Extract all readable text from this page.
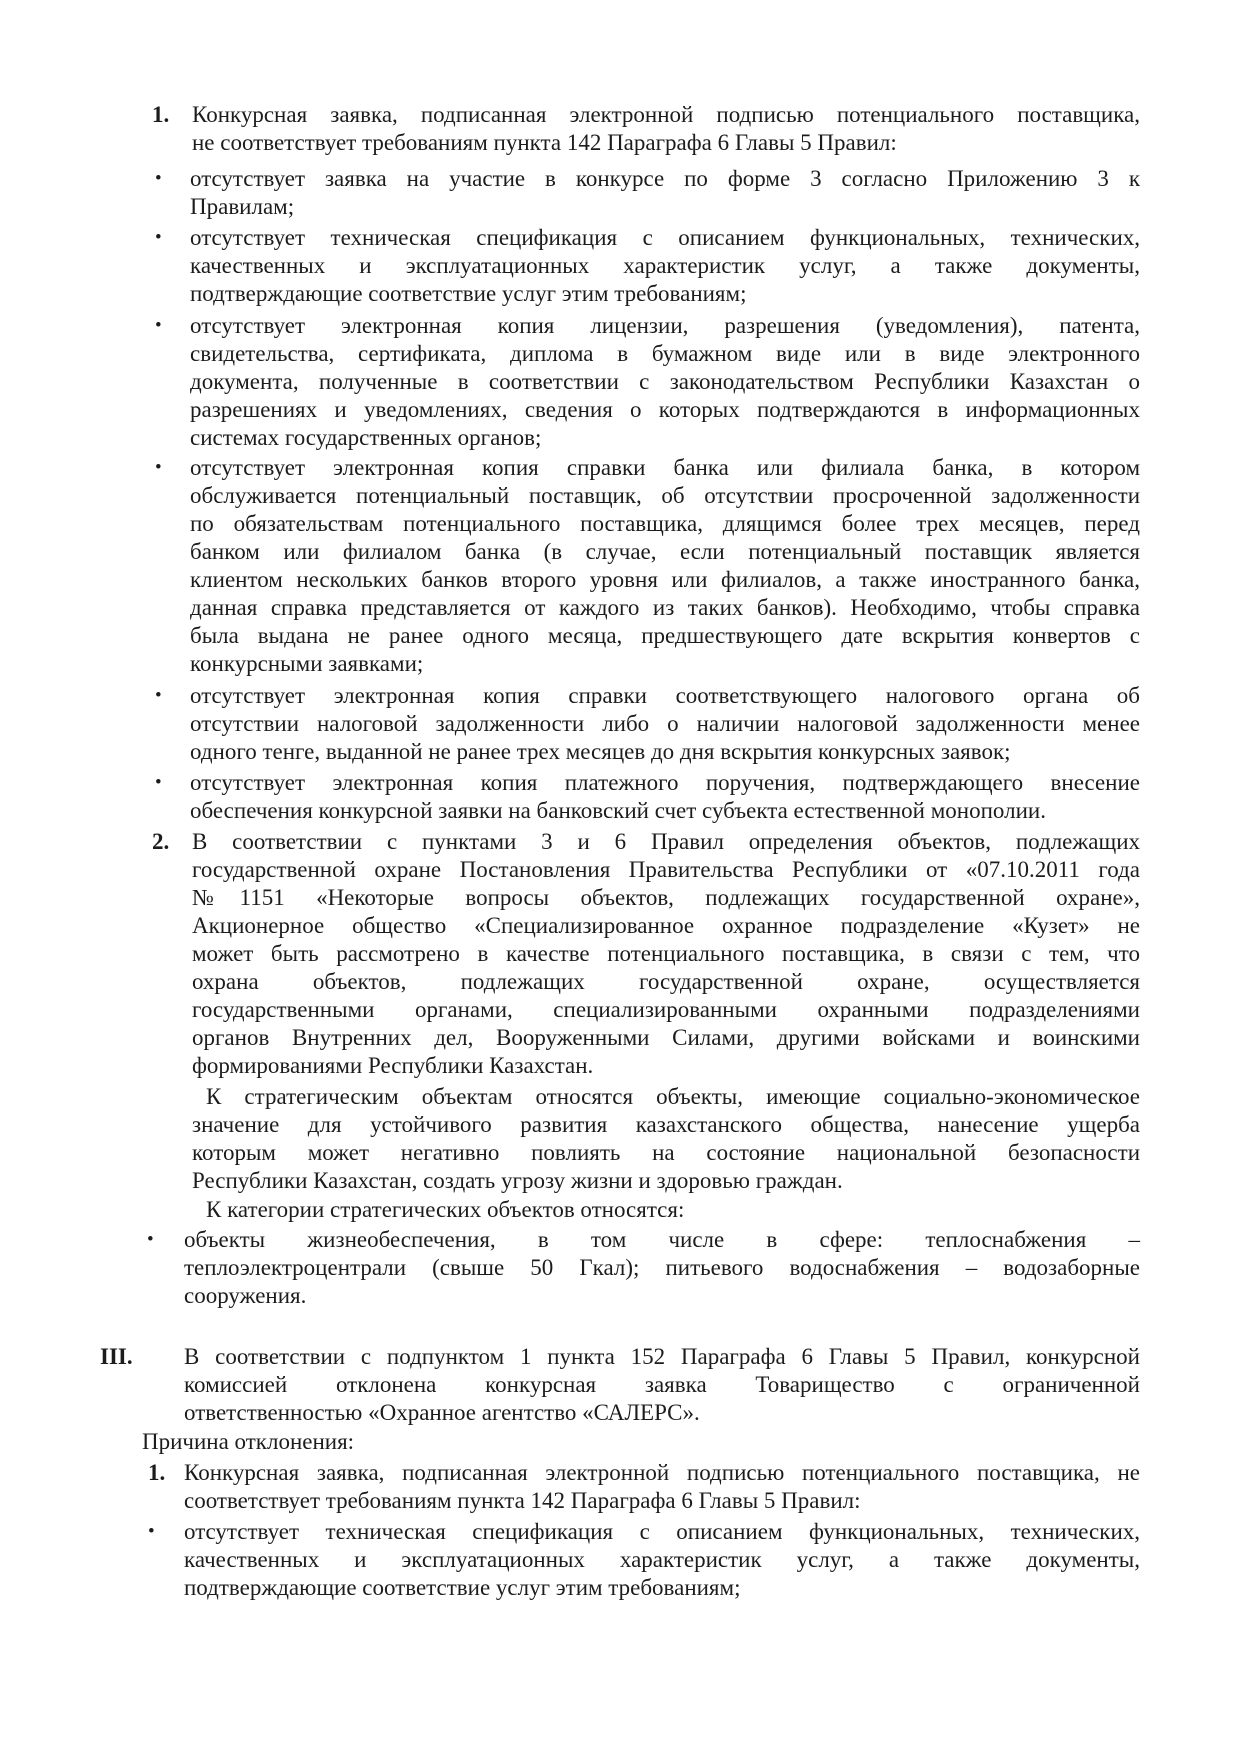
1. Конкурсная заявка, подписанная электронной подписью потенциального поставщика,
не соответствует требованиям пункта 142 Параграфа 6 Главы 5 Правил:
• отсутствует заявка на участие в конкурсе по форме 3 согласно Приложению 3 к
Правилам;
• отсутствует техническая спецификация с описанием функциональных, технических,
качественных и эксплуатационных характеристик услуг, а также документы,
подтверждающие соответствие услуг этим требованиям;
• отсутствует электронная копия лицензии, разрешения (уведомления), патента,
свидетельства, сертификата, диплома в бумажном виде или в виде электронного
документа, полученные в соответствии с законодательством Республики Казахстан о
разрешениях и уведомлениях, сведения о которых подтверждаются в информационных
системах государственных органов;
• отсутствует электронная копия справки банка или филиала банка, в котором
обслуживается потенциальный поставщик, об отсутствии просроченной задолженности
по обязательствам потенциального поставщика, длящимся более трех месяцев, перед
банком или филиалом банка (в случае, если потенциальный поставщик является
клиентом нескольких банков второго уровня или филиалов, а также иностранного банка,
данная справка представляется от каждого из таких банков). Необходимо, чтобы справка
была выдана не ранее одного месяца, предшествующего дате вскрытия конвертов с
конкурсными заявками;
• отсутствует электронная копия справки соответствующего налогового органа об
отсутствии налоговой задолженности либо о наличии налоговой задолженности менее
одного тенге, выданной не ранее трех месяцев до дня вскрытия конкурсных заявок;
• отсутствует электронная копия платежного поручения, подтверждающего внесение
обеспечения конкурсной заявки на банковский счет субъекта естественной монополии.
2. В соответствии с пунктами 3 и 6 Правил определения объектов, подлежащих
государственной охране Постановления Правительства Республики от «07.10.2011 года
№1151 «Некоторые вопросы объектов, подлежащих государственной охране»,
Акционерное общество «Специализированное охранное подразделение «Кузет» не
может быть рассмотрено в качестве потенциального поставщика, в связи с тем, что
охрана объектов, подлежащих государственной охране, осуществляется
государственными органами, специализированными охранными подразделениями
органов Внутренних дел, Вооруженными Силами, другими войсками и воинскими
формированиями Республики Казахстан.
К стратегическим объектам относятся объекты, имеющие социально-экономическое
значение для устойчивого развития казахстанского общества, нанесение ущерба
которым может негативно повлиять на состояние национальной безопасности
Республики Казахстан, создать угрозу жизни и здоровью граждан.
К категории стратегических объектов относятся:
• объекты жизнеобеспечения, в том числе в сфере: теплоснабжения –
теплоэлектроцентрали (свыше 50 Гкал); питьевого водоснабжения – водозаборные
сооружения.
III. В соответствии с подпунктом 1 пункта 152 Параграфа 6 Главы 5 Правил, конкурсной
комиссией отклонена конкурсная заявка Товарищество с ограниченной
ответственностью «Охранное агентство «САЛЕРС».
Причина отклонения:
1. Конкурсная заявка, подписанная электронной подписью потенциального поставщика, не
соответствует требованиям пункта 142 Параграфа 6 Главы 5 Правил:
• отсутствует техническая спецификация с описанием функциональных, технических,
качественных и эксплуатационных характеристик услуг, а также документы,
подтверждающие соответствие услуг этим требованиям;
